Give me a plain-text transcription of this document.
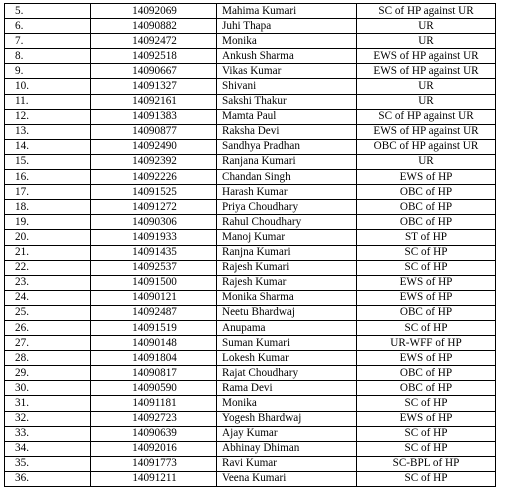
5.	14092069	Mahima Kumari	SC of HP against UR
6.	14090882	Juhi Thapa	UR
7.	14092472	Monika	UR
8.	14092518	Ankush Sharma	EWS of HP against UR
9.	14090667	Vikas Kumar	EWS of HP against UR
10.	14091327	Shivani	UR
11.	14092161	Sakshi Thakur	UR
12.	14091383	Mamta Paul	SC of HP against UR
13.	14090877	Raksha Devi	EWS of HP against UR
14.	14092490	Sandhya Pradhan	OBC of HP against UR
15.	14092392	Ranjana Kumari	UR
16.	14092226	Chandan Singh	EWS of HP
17.	14091525	Harash Kumar	OBC of HP
18.	14091272	Priya Choudhary	OBC of HP
19.	14090306	Rahul Choudhary	OBC of HP
20.	14091933	Manoj Kumar	ST of HP
21.	14091435	Ranjna Kumari	SC of HP
22.	14092537	Rajesh Kumari	SC of HP
23.	14091500	Rajesh Kumar	EWS of HP
24.	14090121	Monika Sharma	EWS of HP
25.	14092487	Neetu Bhardwaj	OBC of HP
26.	14091519	Anupama	SC of HP
27.	14090148	Suman Kumari	UR-WFF of HP
28.	14091804	Lokesh Kumar	EWS of HP
29.	14090817	Rajat Choudhary	OBC of HP
30.	14090590	Rama Devi	OBC of HP
31.	14091181	Monika	SC of HP
32.	14092723	Yogesh Bhardwaj	EWS of HP
33.	14090639	Ajay Kumar	SC of HP
34.	14092016	Abhinay Dhiman	SC of HP
35.	14091773	Ravi Kumar	SC-BPL of HP
36.	14091211	Veena Kumari	SC of HP
